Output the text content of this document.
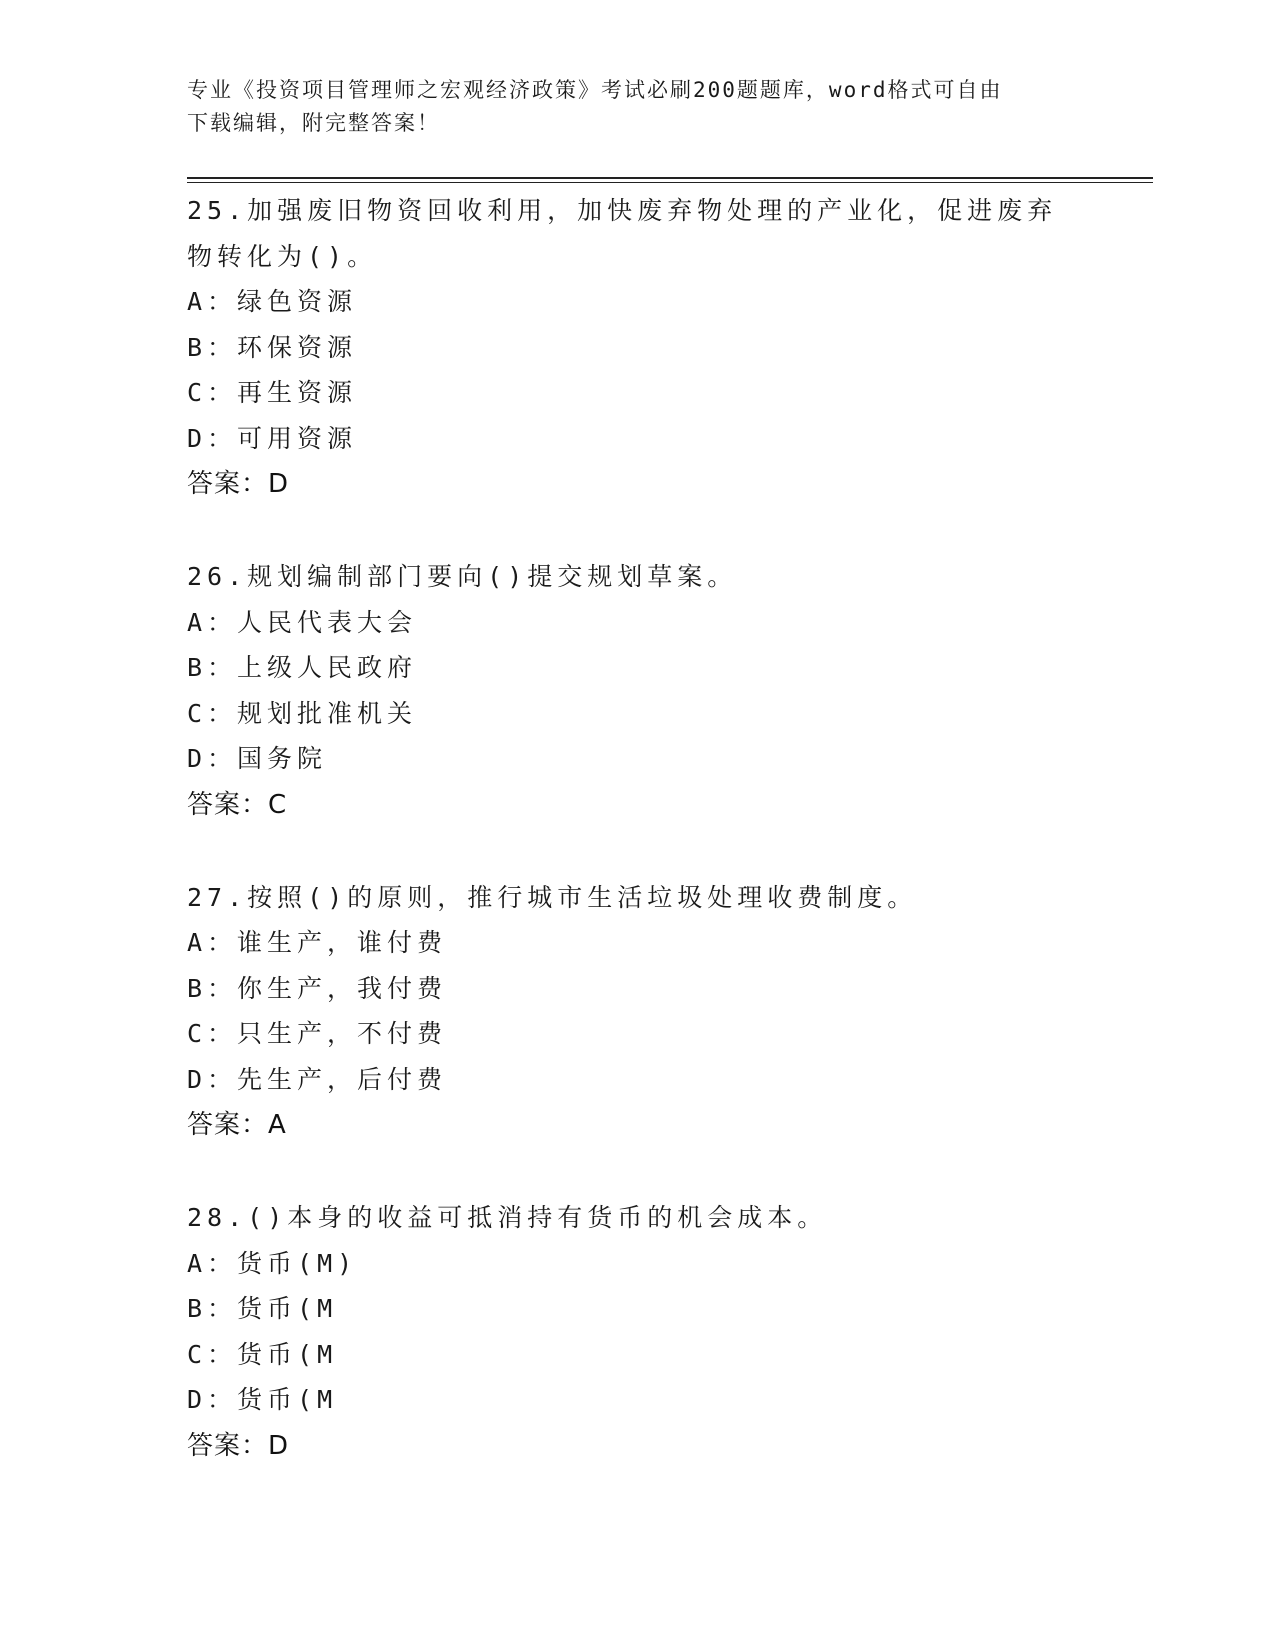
专业《投资项目管理师之宏观经济政策》考试必刷200题题库，word格式可自由
下载编辑，附完整答案！
25.加强废旧物资回收利用，加快废弃物处理的产业化，促进废弃物转化为()。
A：绿色资源
B：环保资源
C：再生资源
D：可用资源
答案：D
26.规划编制部门要向()提交规划草案。
A：人民代表大会
B：上级人民政府
C：规划批准机关
D：国务院
答案：C
27.按照()的原则，推行城市生活垃圾处理收费制度。
A：谁生产，谁付费
B：你生产，我付费
C：只生产，不付费
D：先生产，后付费
答案：A
28.()本身的收益可抵消持有货币的机会成本。
A：货币(M)
B：货币(M
C：货币(M
D：货币(M
答案：D
